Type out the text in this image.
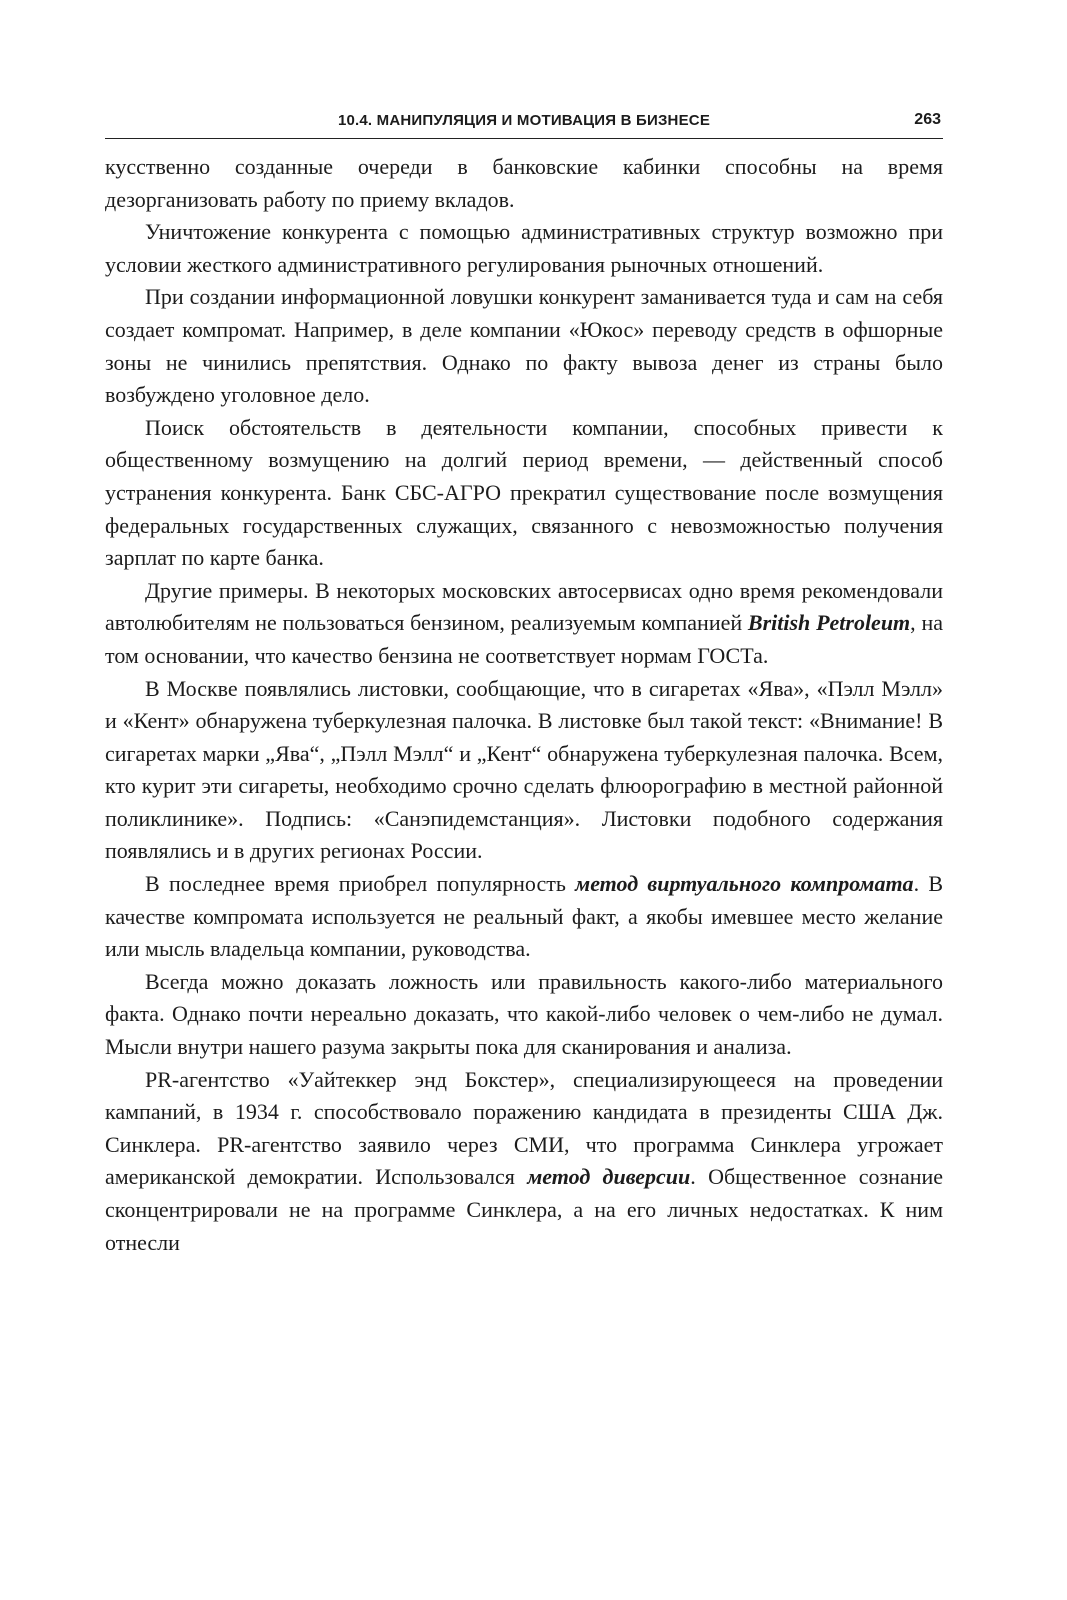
10.4. МАНИПУЛЯЦИЯ И МОТИВАЦИЯ В БИЗНЕСЕ	263

кусственно созданные очереди в банковские кабинки способны на время дезорганизовать работу по приему вкладов.

Уничтожение конкурента с помощью административных структур возможно при условии жесткого административного регулирования рыночных отношений.

При создании информационной ловушки конкурент заманивается туда и сам на себя создает компромат. Например, в деле компании «Юкос» переводу средств в офшорные зоны не чинились препятствия. Однако по факту вывоза денег из страны было возбуждено уголовное дело.

Поиск обстоятельств в деятельности компании, способных привести к общественному возмущению на долгий период времени, — действенный способ устранения конкурента. Банк СБС-АГРО прекратил существование после возмущения федеральных государственных служащих, связанного с невозможностью получения зарплат по карте банка.

Другие примеры. В некоторых московских автосервисах одно время рекомендовали автолюбителям не пользоваться бензином, реализуемым компанией British Petroleum, на том основании, что качество бензина не соответствует нормам ГОСТа.

В Москве появлялись листовки, сообщающие, что в сигаретах «Ява», «Пэлл Мэлл» и «Кент» обнаружена туберкулезная палочка. В листовке был такой текст: «Внимание! В сигаретах марки „Ява“, „Пэлл Мэлл“ и „Кент“ обнаружена туберкулезная палочка. Всем, кто курит эти сигареты, необходимо срочно сделать флюорографию в местной районной поликлинике». Подпись: «Санэпидемстанция». Листовки подобного содержания появлялись и в других регионах России.

В последнее время приобрел популярность метод виртуального компромата. В качестве компромата используется не реальный факт, а якобы имевшее место желание или мысль владельца компании, руководства.

Всегда можно доказать ложность или правильность какого-либо материального факта. Однако почти нереально доказать, что какой-либо человек о чем-либо не думал. Мысли внутри нашего разума закрыты пока для сканирования и анализа.

PR-агентство «Уайтеккер энд Бокстер», специализирующееся на проведении кампаний, в 1934 г. способствовало поражению кандидата в президенты США Дж. Синклера. PR-агентство заявило через СМИ, что программа Синклера угрожает американской демократии. Использовался метод диверсии. Общественное сознание сконцентрировали не на программе Синклера, а на его личных недостатках. К ним отнесли
